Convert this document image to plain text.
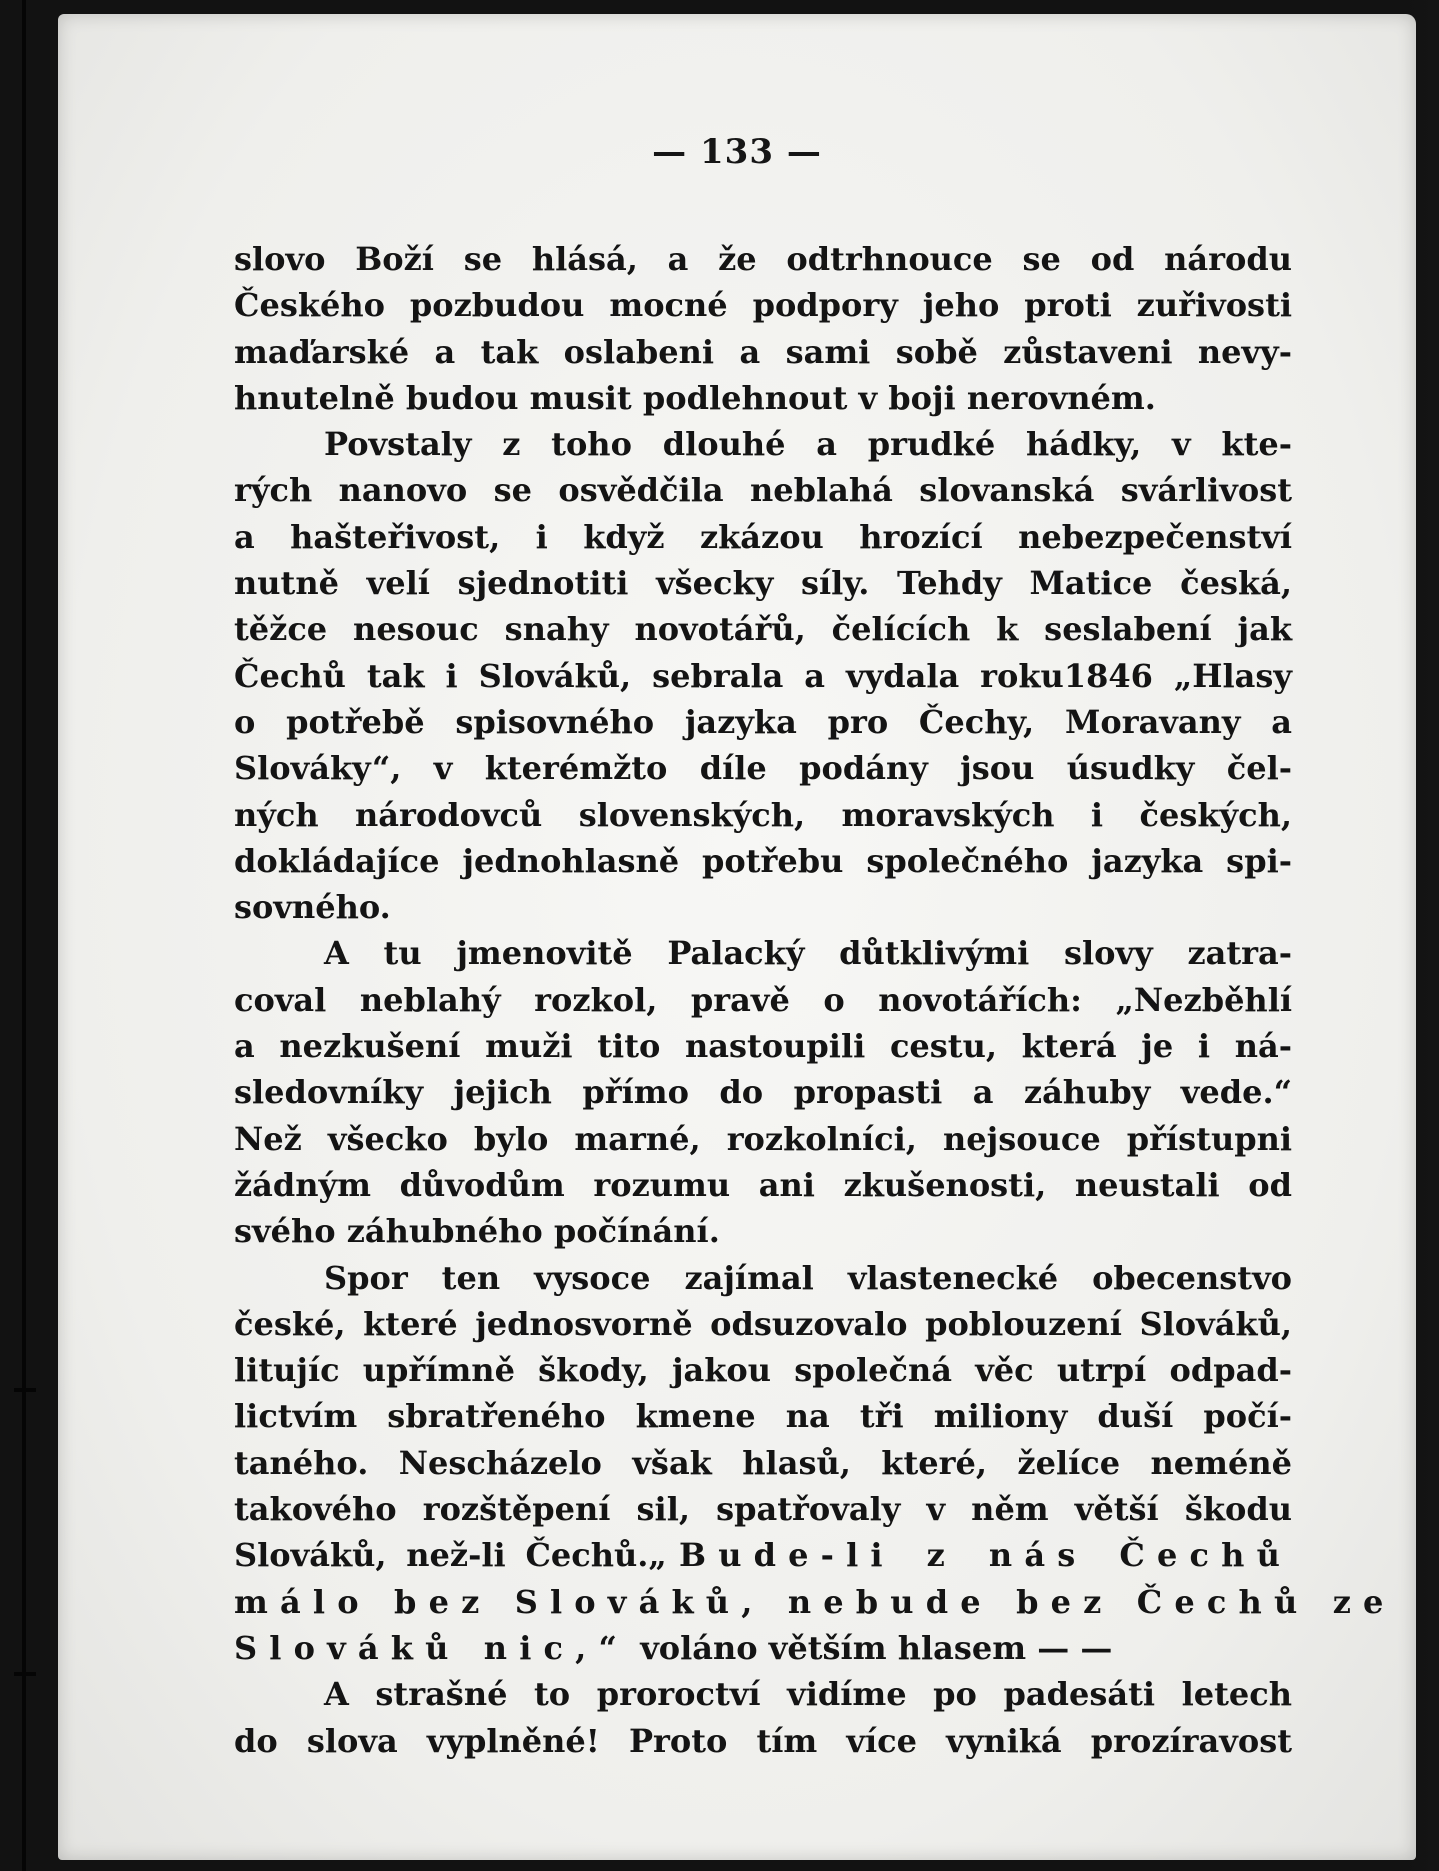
— 133 —
slovo Boží se hlásá, a že odtrhnouce se od národu
Českého pozbudou mocné podpory jeho proti zuřivosti
maďarské a tak oslabeni a sami sobě zůstaveni nevy-
hnutelně budou musit podlehnout v boji nerovném.
Povstaly z toho dlouhé a prudké hádky, v kte-
rých nanovo se osvědčila neblahá slovanská svárlivost
a hašteřivost, i když zkázou hrozící nebezpečenství
nutně velí sjednotiti všecky síly. Tehdy Matice česká,
těžce nesouc snahy novotářů, čelících k seslabení jak
Čechů tak i Slováků, sebrala a vydala roku1846 „Hlasy
o potřebě spisovného jazyka pro Čechy, Moravany a
Slováky“, v kterémžto díle podány jsou úsudky čel-
ných národovců slovenských, moravských i českých,
dokládajíce jednohlasně potřebu společného jazyka spi-
sovného.
A tu jmenovitě Palacký důtklivými slovy zatra-
coval neblahý rozkol, pravě o novotářích: „Nezběhlí
a nezkušení muži tito nastoupili cestu, která je i ná-
sledovníky jejich přímo do propasti a záhuby vede.“
Než všecko bylo marné, rozkolníci, nejsouce přístupni
žádným důvodům rozumu ani zkušenosti, neustali od
svého záhubného počínání.
Spor ten vysoce zajímal vlastenecké obecenstvo
české, které jednosvorně odsuzovalo poblouzení Slováků,
litujíc upřímně škody, jakou společná věc utrpí odpad-
lictvím sbratřeného kmene na tři miliony duší počí-
taného. Nescházelo však hlasů, které, želíce neméně
takového rozštěpení sil, spatřovaly v něm větší škodu
Slováků, než-li Čechů.„Bude-li z nás Čechů
málo bez Slováků, nebude bez Čechů ze
Slováků nic,“ voláno větším hlasem — —
A strašné to proroctví vidíme po padesáti letech
do slova vyplněné! Proto tím více vyniká prozíravost
